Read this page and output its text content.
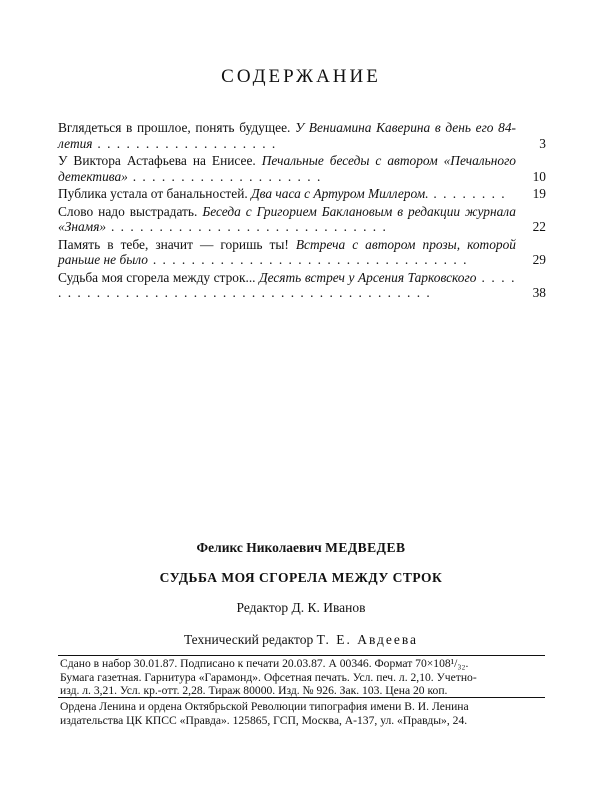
СОДЕРЖАНИЕ
Вглядеться в прошлое, понять будущее. У Вениамина Каверина в день его 84-летия . . . . . . . . . . . . . . . . . . .	3
У Виктора Астафьева на Енисее. Печальные беседы с автором «Печального детектива» . . . . . . . . . . . . . . . . . . . .	10
Публика устала от банальностей. Два часа с Артуром Миллером. . . . . . . . .	19
Слово надо выстрадать. Беседа с Григорием Баклановым в редакции журнала «Знамя» . . . . . . . . . . . . . . . . . . . . . . . . . . . . .	22
Память в тебе, значит — горишь ты! Встреча с автором прозы, которой раньше не было . . . . . . . . . . . . . . . . . . . . . . . . . . . . . . . . .	29
Судьба моя сгорела между строк... Десять встреч у Арсения Тарковского . . . . . . . . . . . . . . . . . . . . . . . . . . . . . . . . . . . . . . . . . . .	38
Феликс Николаевич МЕДВЕДЕВ
СУДЬБА МОЯ СГОРЕЛА МЕЖДУ СТРОК
Редактор Д. К. Иванов
Технический редактор Т. Е. Авдеева
Сдано в набор 30.01.87. Подписано к печати 20.03.87. А 00346. Формат 70×108¹/₃₂.
Бумага газетная. Гарнитура «Гарамонд». Офсетная печать. Усл. печ. л. 2,10. Учетно-
изд. л. 3,21. Усл. кр.-отт. 2,28. Тираж 80000. Изд. № 926. Зак. 103. Цена 20 коп.
Ордена Ленина и ордена Октябрьской Революции типография имени В. И. Ленина
издательства ЦК КПСС «Правда». 125865, ГСП, Москва, А-137, ул. «Правды», 24.
